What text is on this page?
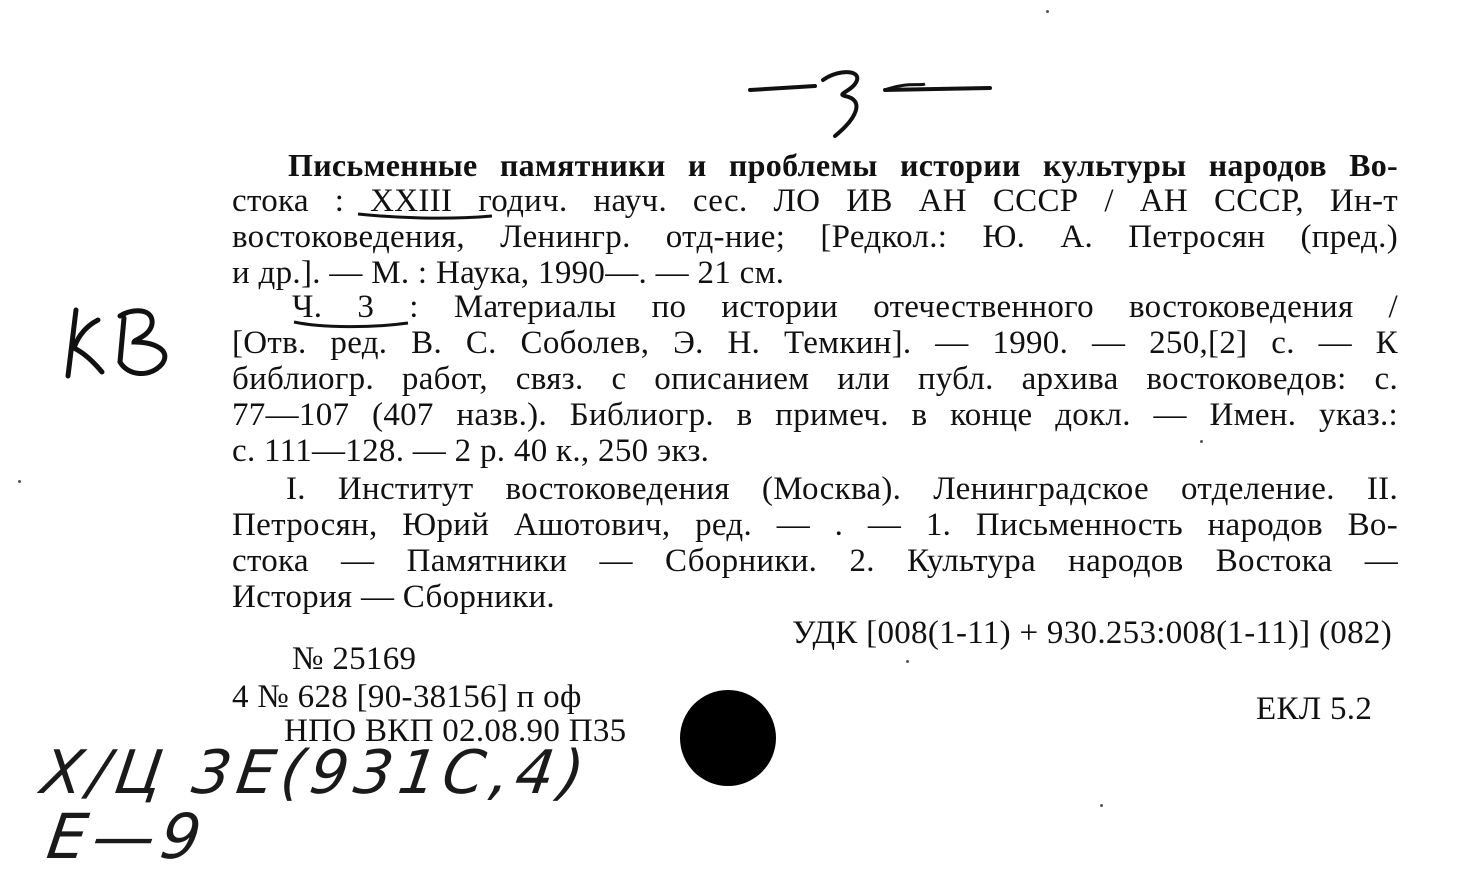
Письменные памятники и проблемы истории культуры народов Во-
стока : XXIII годич. науч. сес. ЛО ИВ АН СССР / АН СССР, Ин-т
востоковедения, Ленингр. отд-ние; [Редкол.: Ю. А. Петросян (пред.)
и др.]. — М. : Наука, 1990—. — 21 см.
Ч. 3 : Материалы по истории отечественного востоковедения /
[Отв. ред. В. С. Соболев, Э. Н. Темкин]. — 1990. — 250,[2] с. — К
библиогр. работ, связ. с описанием или публ. архива востоковедов: с.
77—107 (407 назв.). Библиогр. в примеч. в конце докл. — Имен. указ.:
с. 111—128. — 2 р. 40 к., 250 экз.
I. Институт востоковедения (Москва). Ленинградское отделение. II.
Петросян, Юрий Ашотович, ред. — . — 1. Письменность народов Во-
стока — Памятники — Сборники. 2. Культура народов Востока —
История — Сборники.
УДК [008(1-11) + 930.253:008(1-11)] (082)
№ 25169
4 № 628 [90-38156] п оф
НПО ВКП 02.08.90 П35
ЕКЛ 5.2
Х/Ц 3Е(931С,4)
Е—9
